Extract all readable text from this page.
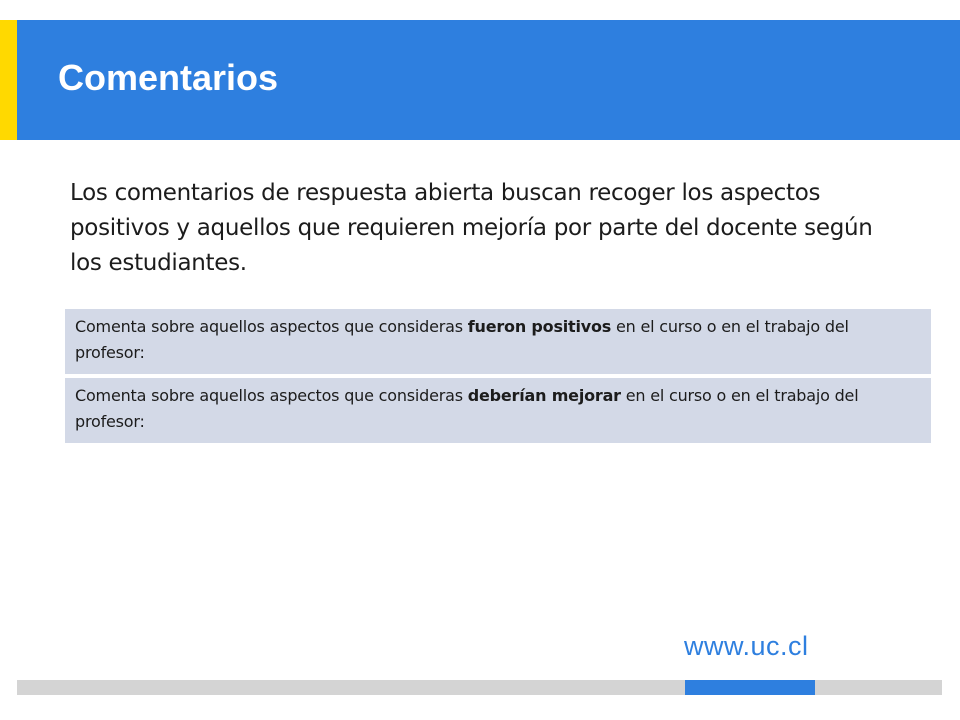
Comentarios

Los comentarios de respuesta abierta buscan recoger los aspectos positivos y aquellos que requieren mejoría por parte del docente según los estudiantes.

Comenta sobre aquellos aspectos que consideras fueron positivos en el curso o en el trabajo del profesor:
Comenta sobre aquellos aspectos que consideras deberían mejorar en el curso o en el trabajo del profesor:
www.uc.cl
